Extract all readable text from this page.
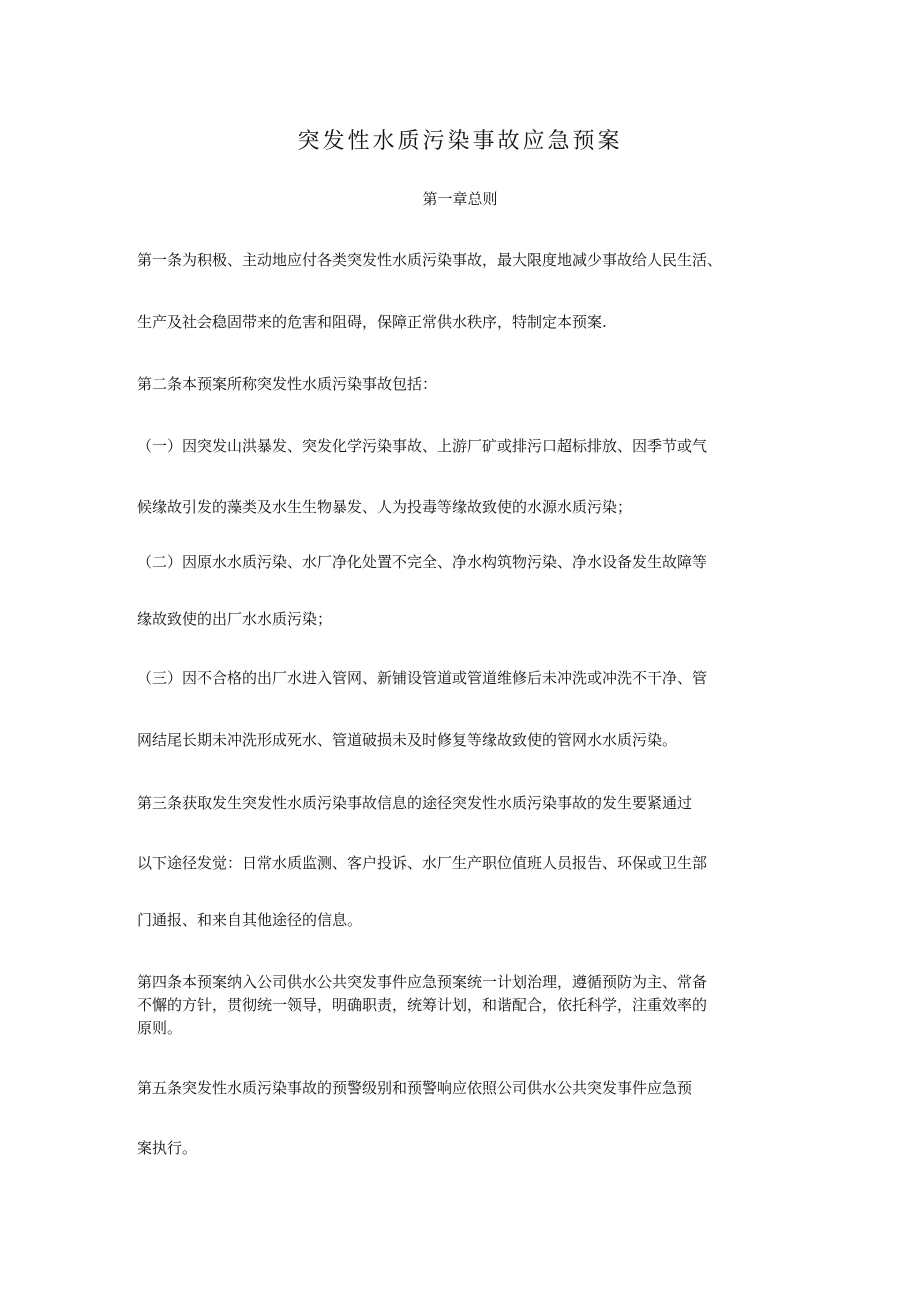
突发性水质污染事故应急预案
第一章总则

第一条为积极、主动地应付各类突发性水质污染事故，最大限度地减少事故给人民生活、

生产及社会稳固带来的危害和阻碍，保障正常供水秩序，特制定本预案.

第二条本预案所称突发性水质污染事故包括：

（一）因突发山洪暴发、突发化学污染事故、上游厂矿或排污口超标排放、因季节或气

候缘故引发的藻类及水生生物暴发、人为投毒等缘故致使的水源水质污染；

（二）因原水水质污染、水厂净化处置不完全、净水构筑物污染、净水设备发生故障等

缘故致使的出厂水水质污染；

（三）因不合格的出厂水进入管网、新铺设管道或管道维修后未冲洗或冲洗不干净、管

网结尾长期未冲洗形成死水、管道破损未及时修复等缘故致使的管网水水质污染。

第三条获取发生突发性水质污染事故信息的途径突发性水质污染事故的发生要紧通过

以下途径发觉：日常水质监测、客户投诉、水厂生产职位值班人员报告、环保或卫生部

门通报、和来自其他途径的信息。

第四条本预案纳入公司供水公共突发事件应急预案统一计划治理，遵循预防为主、常备
不懈的方针，贯彻统一领导，明确职责，统筹计划，和谐配合，依托科学，注重效率的
原则。

第五条突发性水质污染事故的预警级别和预警响应依照公司供水公共突发事件应急预

案执行。
